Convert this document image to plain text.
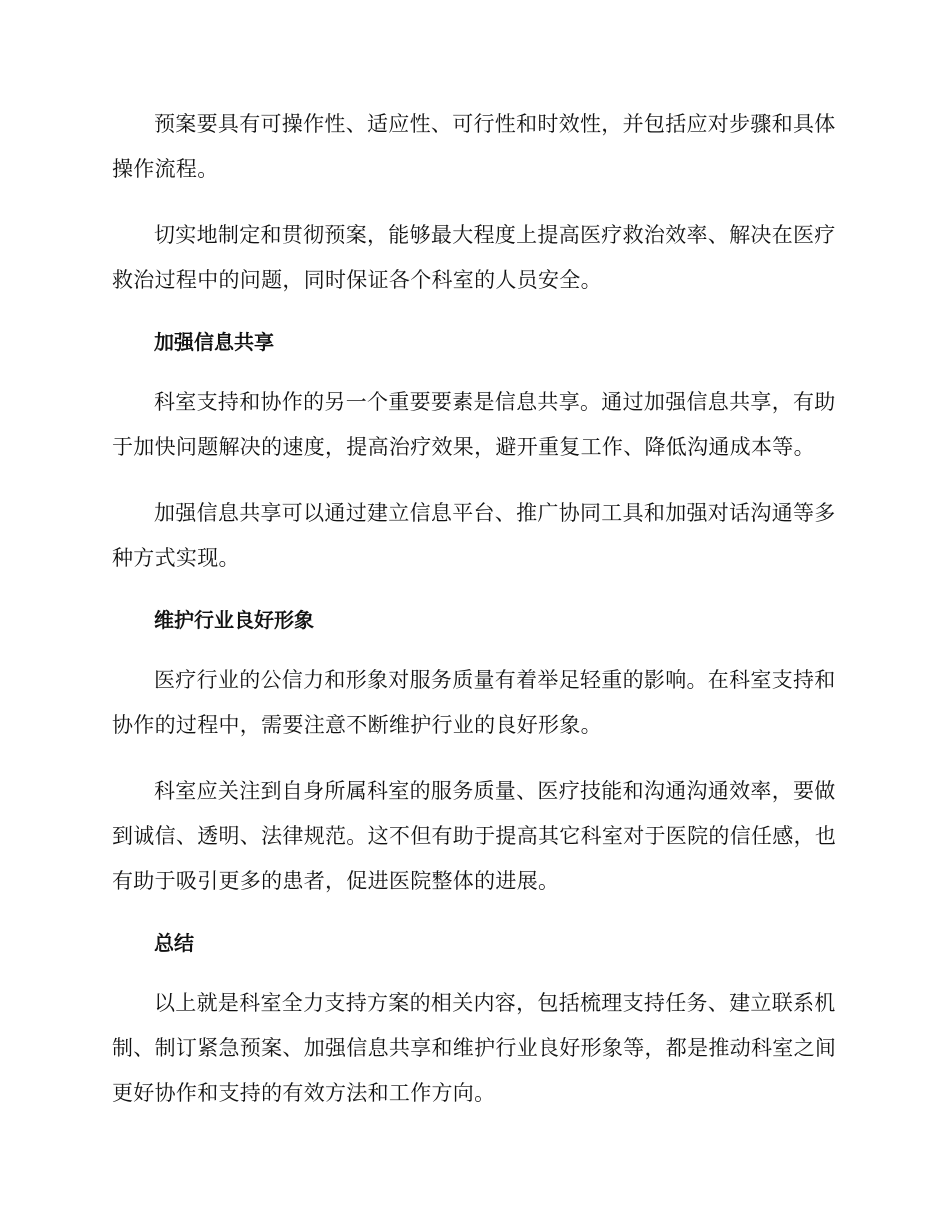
预案要具有可操作性、适应性、可行性和时效性，并包括应对步骤和具体操作流程。

切实地制定和贯彻预案，能够最大程度上提高医疗救治效率、解决在医疗救治过程中的问题，同时保证各个科室的人员安全。

加强信息共享

科室支持和协作的另一个重要要素是信息共享。通过加强信息共享，有助于加快问题解决的速度，提高治疗效果，避开重复工作、降低沟通成本等。

加强信息共享可以通过建立信息平台、推广协同工具和加强对话沟通等多种方式实现。

维护行业良好形象

医疗行业的公信力和形象对服务质量有着举足轻重的影响。在科室支持和协作的过程中，需要注意不断维护行业的良好形象。

科室应关注到自身所属科室的服务质量、医疗技能和沟通沟通效率，要做到诚信、透明、法律规范。这不但有助于提高其它科室对于医院的信任感，也有助于吸引更多的患者，促进医院整体的进展。

总结

以上就是科室全力支持方案的相关内容，包括梳理支持任务、建立联系机制、制订紧急预案、加强信息共享和维护行业良好形象等，都是推动科室之间更好协作和支持的有效方法和工作方向。
